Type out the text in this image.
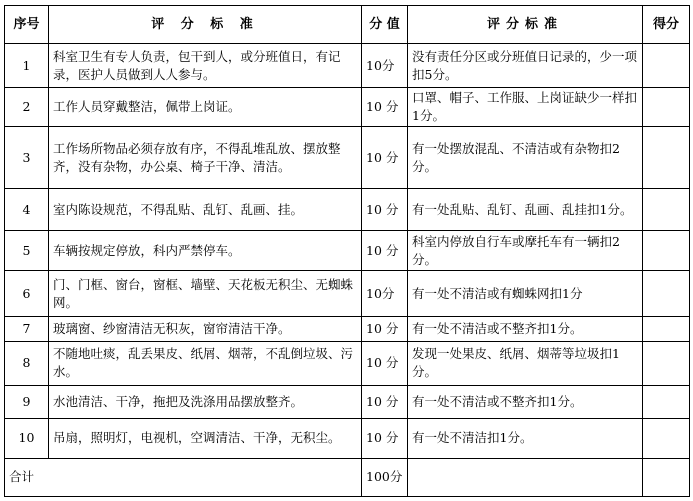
序号	评 分 标 准	分 值	评分标准	得分
1	科室卫生有专人负责，包干到人，或分班值日，有记录，医护人员做到人人参与。	10分	没有责任分区或分班值日记录的，少一项扣5分。	
2	工作人员穿戴整洁，佩带上岗证。	10 分	口罩、帽子、工作服、上岗证缺少一样扣1分。	
3	工作场所物品必须存放有序，不得乱堆乱放、摆放整齐，没有杂物，办公桌、椅子干净、清洁。	10 分	有一处摆放混乱、不清洁或有杂物扣2分。	
4	室内陈设规范，不得乱贴、乱钉、乱画、挂。	10 分	有一处乱贴、乱钉、乱画、乱挂扣1分。	
5	车辆按规定停放，科内严禁停车。	10 分	科室内停放自行车或摩托车有一辆扣2分。	
6	门、门框、窗台，窗框、墙壁、天花板无积尘、无蜘蛛网。	10分	有一处不清洁或有蜘蛛网扣1分	
7	玻璃窗、纱窗清洁无积灰，窗帘清洁干净。	10 分	有一处不清洁或不整齐扣1分。	
8	不随地吐痰，乱丢果皮、纸屑、烟蒂，不乱倒垃圾、污水。	10 分	发现一处果皮、纸屑、烟蒂等垃圾扣1分。	
9	水池清洁、干净，拖把及洗涤用品摆放整齐。	10 分	有一处不清洁或不整齐扣1分。	
10	吊扇，照明灯，电视机，空调清洁、干净，无积尘。	10 分	有一处不清洁扣1分。	
合计		100分		
